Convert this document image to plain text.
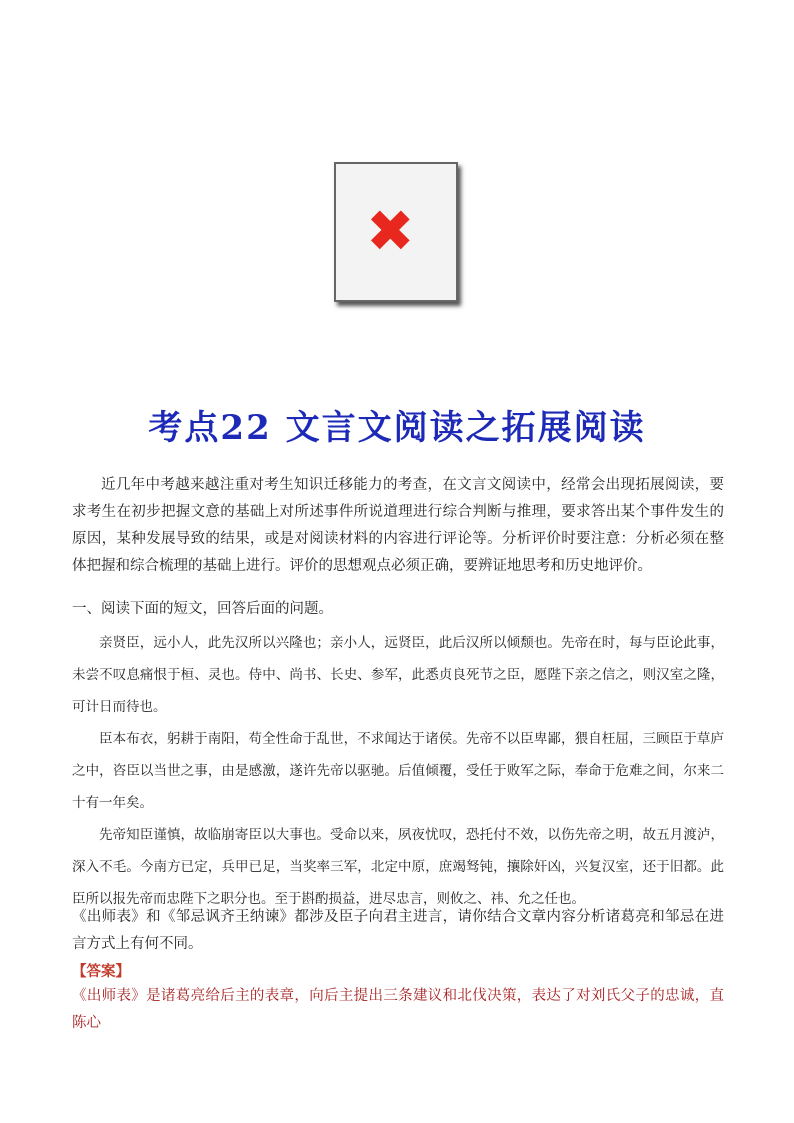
✖
考点22 文言文阅读之拓展阅读

近几年中考越来越注重对考生知识迁移能力的考查，在文言文阅读中，经常会出现拓展阅读，要求考生在初步把握文意的基础上对所述事件所说道理进行综合判断与推理，要求答出某个事件发生的原因，某种发展导致的结果，或是对阅读材料的内容进行评论等。分析评价时要注意：分析必须在整体把握和综合梳理的基础上进行。评价的思想观点必须正确，要辨证地思考和历史地评价。

一、阅读下面的短文，回答后面的问题。

亲贤臣，远小人，此先汉所以兴隆也；亲小人，远贤臣，此后汉所以倾颓也。先帝在时，每与臣论此事，未尝不叹息痛恨于桓、灵也。侍中、尚书、长史、参军，此悉贞良死节之臣，愿陛下亲之信之，则汉室之隆，可计日而待也。

臣本布衣，躬耕于南阳，苟全性命于乱世，不求闻达于诸侯。先帝不以臣卑鄙，猥自枉屈，三顾臣于草庐之中，咨臣以当世之事，由是感激，遂许先帝以驱驰。后值倾覆，受任于败军之际，奉命于危难之间，尔来二十有一年矣。

先帝知臣谨慎，故临崩寄臣以大事也。受命以来，夙夜忧叹，恐托付不效，以伤先帝之明，故五月渡泸，深入不毛。今南方已定，兵甲已足，当奖率三军，北定中原，庶竭驽钝，攘除奸凶，兴复汉室，还于旧都。此臣所以报先帝而忠陛下之职分也。至于斟酌损益，进尽忠言，则攸之、祎、允之任也。

《出师表》和《邹忌讽齐王纳谏》都涉及臣子向君主进言，请你结合文章内容分析诸葛亮和邹忌在进言方式上有何不同。

【答案】

《出师表》是诸葛亮给后主的表章，向后主提出三条建议和北伐决策，表达了对刘氏父子的忠诚，直陈心
